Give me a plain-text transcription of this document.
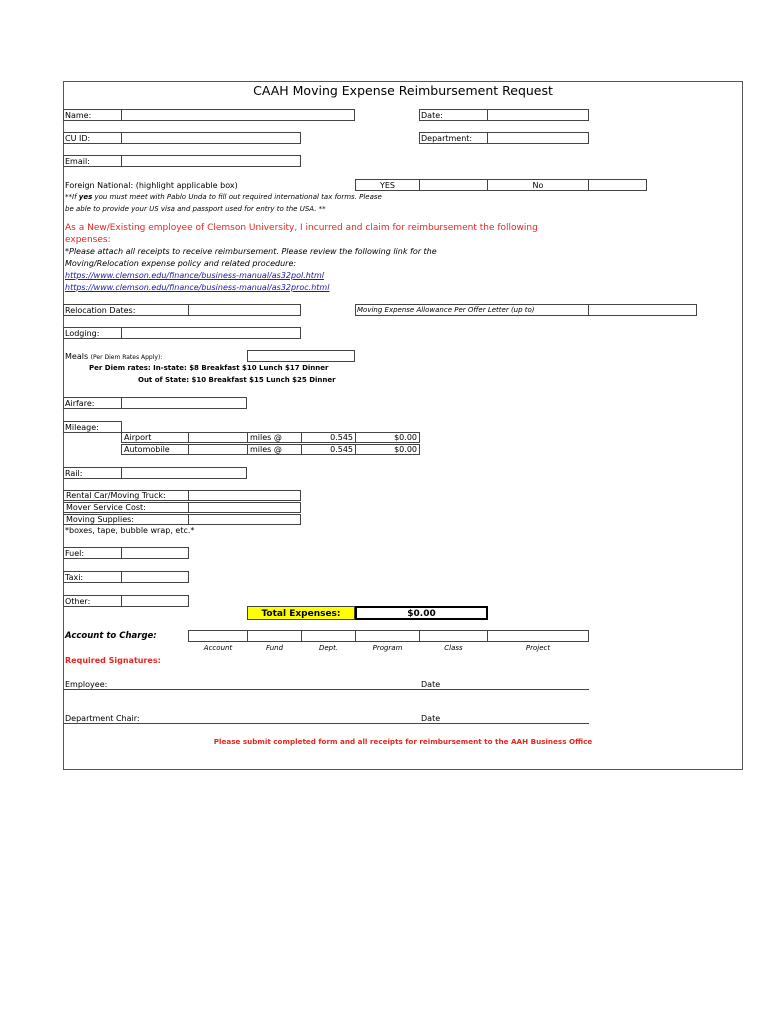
CAAH Moving Expense Reimbursement Request
Name:	Date:
CU ID:	Department:
Email:
Foreign National: (highlight applicable box)	YES	No
**If yes you must meet with Pablo Unda to fill out required international tax forms. Please
be able to provide your US visa and passport used for entry to the USA. **
As a New/Existing employee of Clemson University, I incurred and claim for reimbursement the following
expenses:
*Please attach all receipts to receive reimbursement. Please review the following link for the
Moving/Relocation expense policy and related procedure:
https://www.clemson.edu/finance/business-manual/as32pol.html
https://www.clemson.edu/finance/business-manual/as32proc.html
Relocation Dates:	Moving Expense Allowance Per Offer Letter (up to)
Lodging:
Meals (Per Diem Rates Apply):
Per Diem rates: In-state: $8 Breakfast $10 Lunch $17 Dinner
Out of State: $10 Breakfast $15 Lunch $25 Dinner
Airfare:
Mileage:
Airport	miles @	0.545	$0.00
Automobile	miles @	0.545	$0.00
Rail:
Rental Car/Moving Truck:
Mover Service Cost:
Moving Supplies:
*boxes, tape, bubble wrap, etc.*
Fuel:
Taxi:
Other:
Total Expenses:	$0.00
Account to Charge:
Account	Fund	Dept.	Program	Class	Project
Required Signatures:
Employee:	Date
Department Chair:	Date
Please submit completed form and all receipts for reimbursement to the AAH Business Office
